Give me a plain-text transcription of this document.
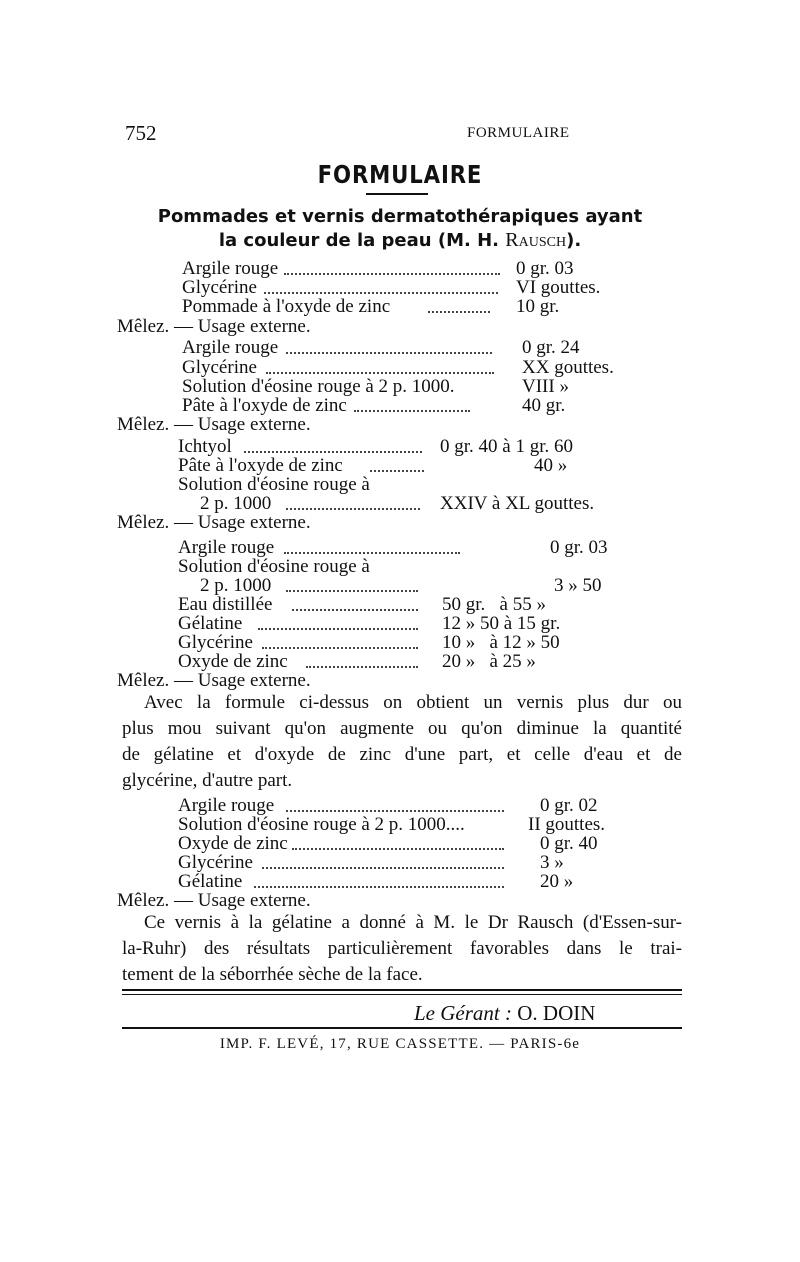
752	FORMULAIRE
FORMULAIRE
Pommades et vernis dermatothérapiques ayant
la couleur de la peau (M. H. Rausch).
Argile rouge	0 gr. 03
Glycérine	VI gouttes.
Pommade à l'oxyde de zinc	10 gr.
Mêlez. — Usage externe.
Argile rouge	0 gr. 24
Glycérine	XX gouttes.
Solution d'éosine rouge à 2 p. 1000.	VIII »
Pâte à l'oxyde de zinc	40 gr.
Mêlez. — Usage externe.
Ichtyol	0 gr. 40 à 1 gr. 60
Pâte à l'oxyde de zinc	40 »
Solution d'éosine rouge à
2 p. 1000	XXIV à XL gouttes.
Mêlez. — Usage externe.
Argile rouge	0 gr. 03
Solution d'éosine rouge à
2 p. 1000	3 » 50
Eau distillée	50 gr.   à 55 »
Gélatine	12 » 50 à 15 gr.
Glycérine	10 »   à 12 » 50
Oxyde de zinc	20 »   à 25 »
Mêlez. — Usage externe.
Avec la formule ci-dessus on obtient un vernis plus dur ou
plus mou suivant qu'on augmente ou qu'on diminue la quantité
de gélatine et d'oxyde de zinc d'une part, et celle d'eau et de
glycérine, d'autre part.
Argile rouge	0 gr. 02
Solution d'éosine rouge à 2 p. 1000....	II gouttes.
Oxyde de zinc	0 gr. 40
Glycérine	3 »
Gélatine	20 »
Mêlez. — Usage externe.
Ce vernis à la gélatine a donné à M. le Dr Rausch (d'Essen-sur-
la-Ruhr) des résultats particulièrement favorables dans le trai-
tement de la séborrhée sèche de la face.
Le Gérant : O. DOIN
IMP. F. LEVÉ, 17, RUE CASSETTE. — PARIS-6e
